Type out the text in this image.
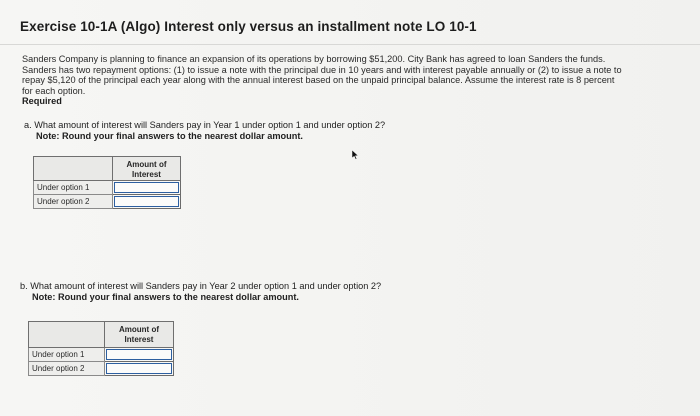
Exercise 10-1A (Algo) Interest only versus an installment note LO 10-1
Sanders Company is planning to finance an expansion of its operations by borrowing $51,200. City Bank has agreed to loan Sanders the funds. Sanders has two repayment options: (1) to issue a note with the principal due in 10 years and with interest payable annually or (2) to issue a note to repay $5,120 of the principal each year along with the annual interest based on the unpaid principal balance. Assume the interest rate is 8 percent for each option.
Required
a. What amount of interest will Sanders pay in Year 1 under option 1 and under option 2?
Note: Round your final answers to the nearest dollar amount.
	Amount of Interest
Under option 1	
Under option 2	
b. What amount of interest will Sanders pay in Year 2 under option 1 and under option 2?
Note: Round your final answers to the nearest dollar amount.
	Amount of Interest
Under option 1	
Under option 2	
